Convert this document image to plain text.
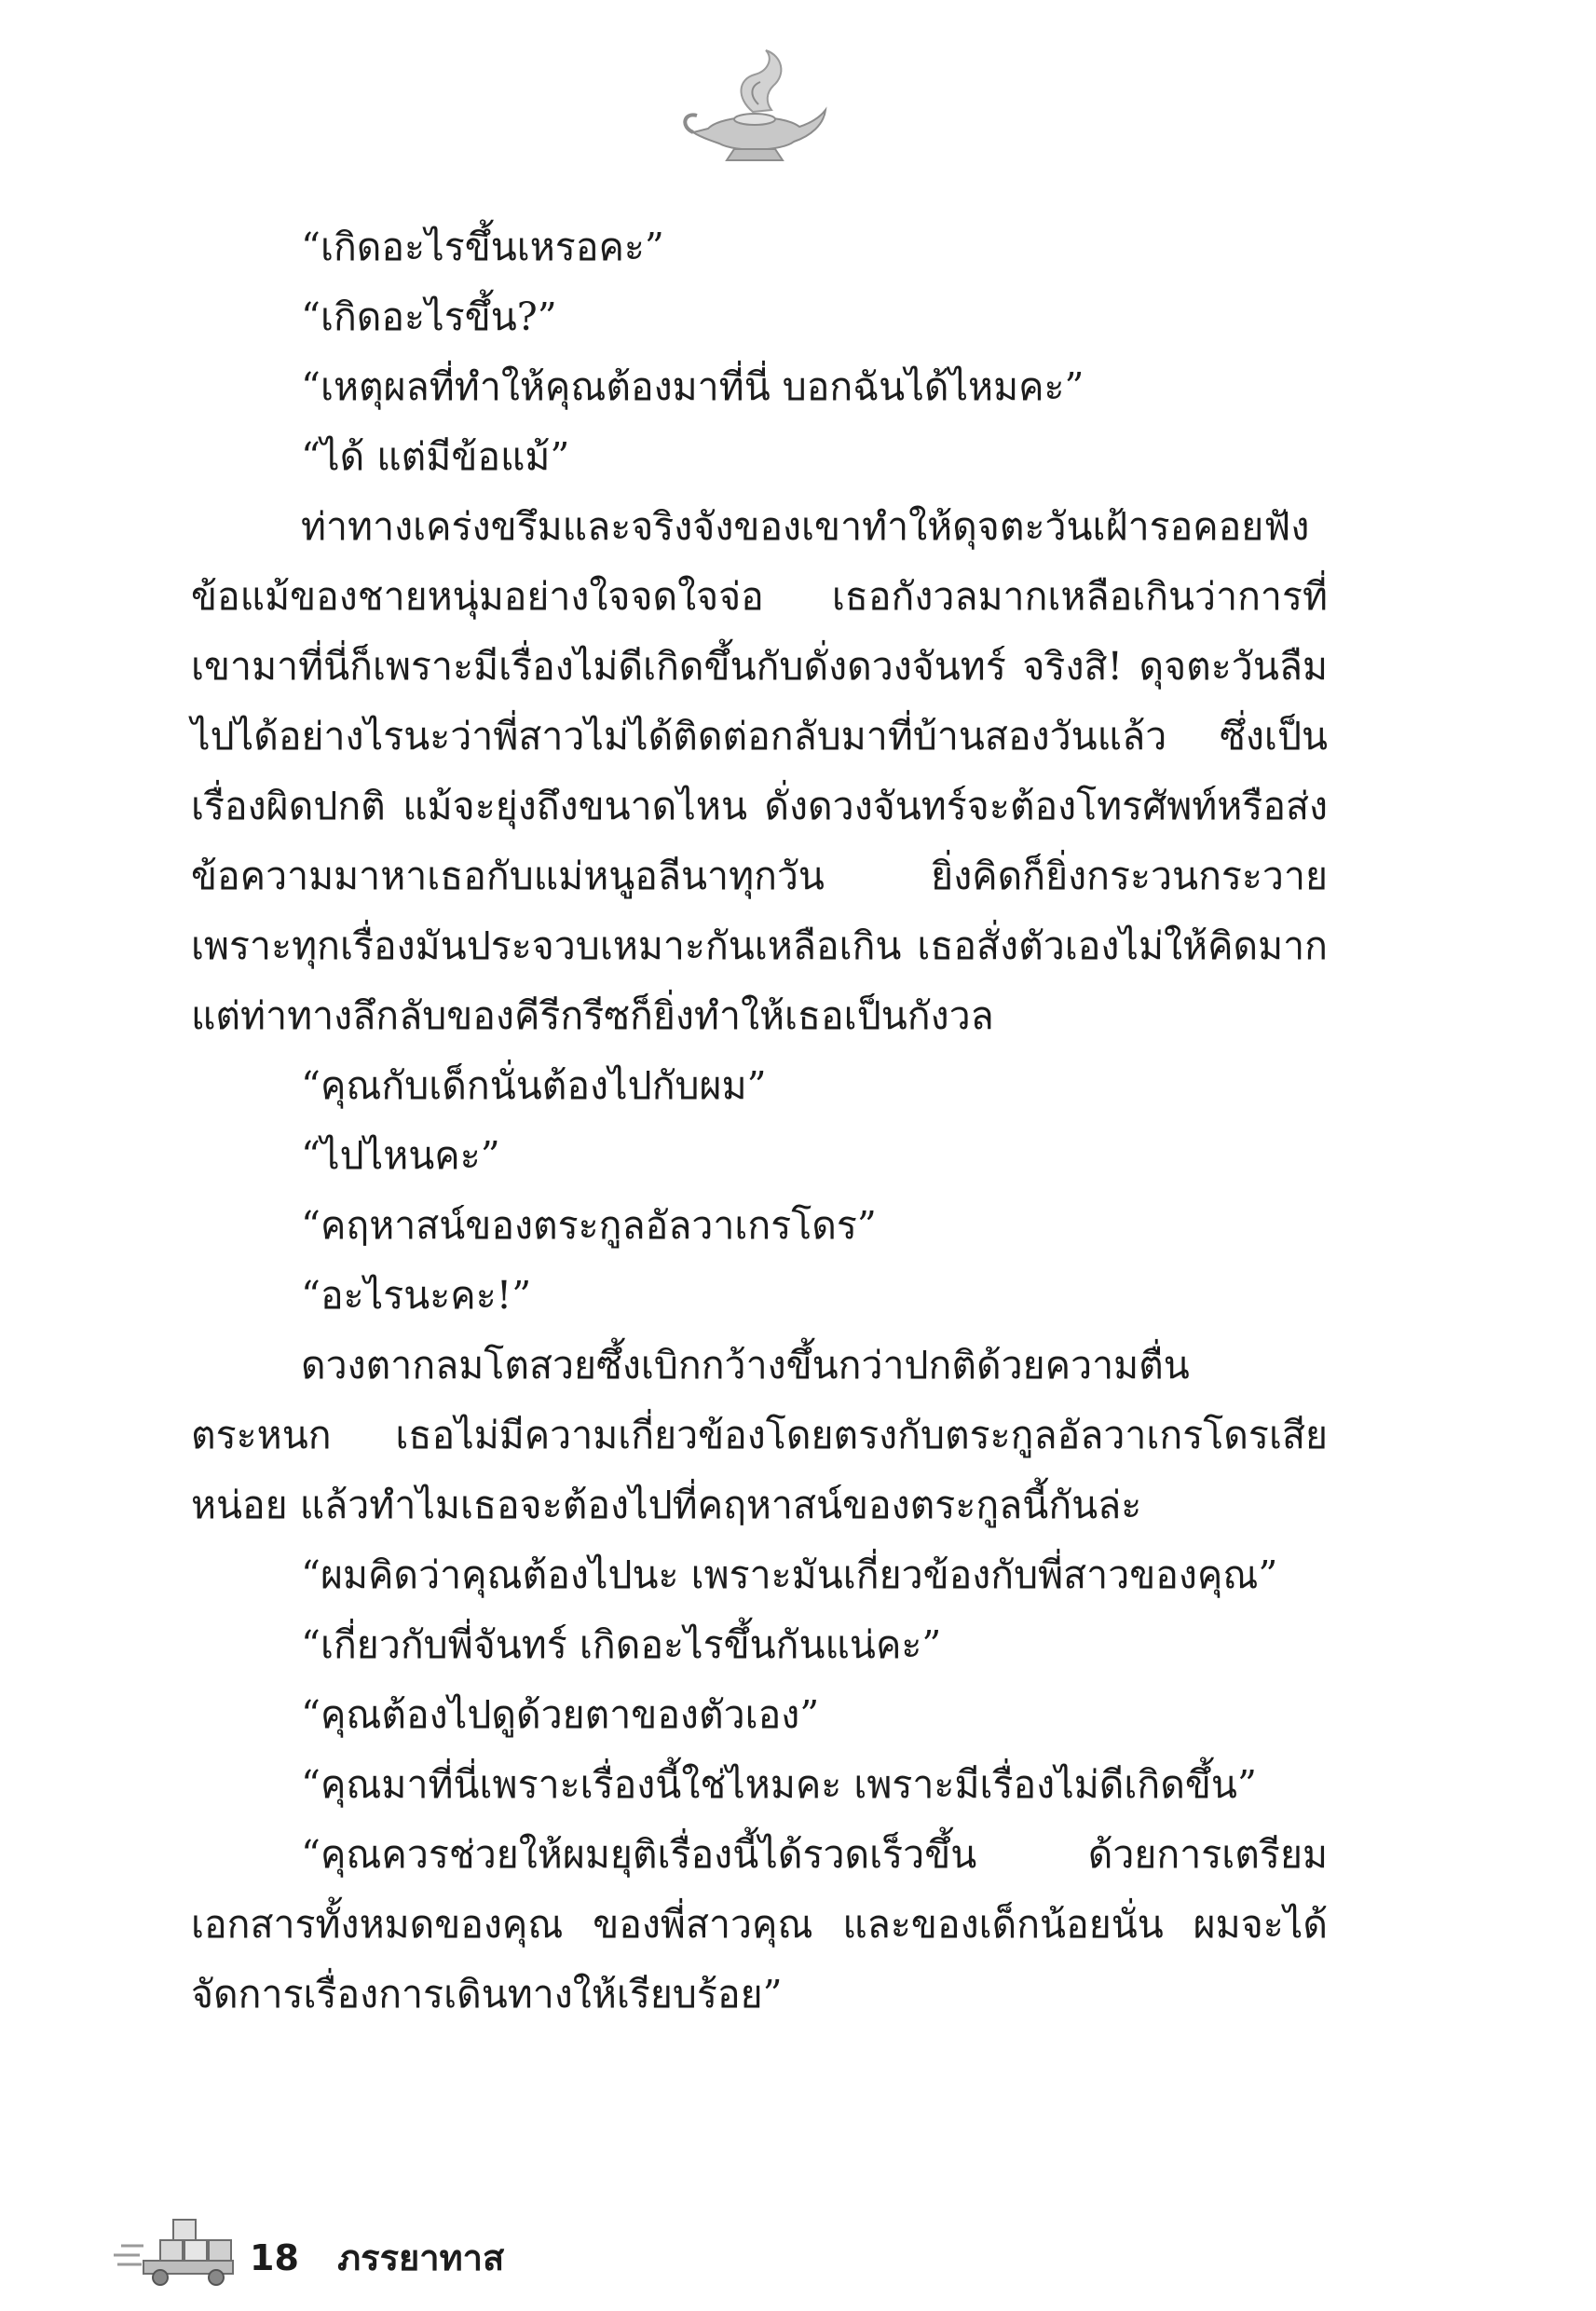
“เกิดอะไรขึ้นเหรอคะ”

“เกิดอะไรขึ้น?”

“เหตุผลที่ทำให้คุณต้องมาที่นี่ บอกฉันได้ไหมคะ”

“ได้ แต่มีข้อแม้”

ท่าทางเคร่งขรึมและจริงจังของเขาทำให้ดุจตะวันเฝ้ารอคอยฟังข้อแม้ของชายหนุ่มอย่างใจจดใจจ่อ เธอกังวลมากเหลือเกินว่าการที่เขามาที่นี่ก็เพราะมีเรื่องไม่ดีเกิดขึ้นกับดั่งดวงจันทร์ จริงสิ! ดุจตะวันลืมไปได้อย่างไรนะว่าพี่สาวไม่ได้ติดต่อกลับมาที่บ้านสองวันแล้ว ซึ่งเป็นเรื่องผิดปกติ แม้จะยุ่งถึงขนาดไหน ดั่งดวงจันทร์จะต้องโทรศัพท์หรือส่งข้อความมาหาเธอกับแม่หนูอลีนาทุกวัน ยิ่งคิดก็ยิ่งกระวนกระวายเพราะทุกเรื่องมันประจวบเหมาะกันเหลือเกิน เธอสั่งตัวเองไม่ให้คิดมากแต่ท่าทางลึกลับของคีรีกรีซก็ยิ่งทำให้เธอเป็นกังวล

“คุณกับเด็กนั่นต้องไปกับผม”

“ไปไหนคะ”

“คฤหาสน์ของตระกูลอัลวาเกรโดร”

“อะไรนะคะ!”

ดวงตากลมโตสวยซึ้งเบิกกว้างขึ้นกว่าปกติด้วยความตื่นตระหนก เธอไม่มีความเกี่ยวข้องโดยตรงกับตระกูลอัลวาเกรโดรเสียหน่อย แล้วทำไมเธอจะต้องไปที่คฤหาสน์ของตระกูลนี้กันล่ะ

“ผมคิดว่าคุณต้องไปนะ เพราะมันเกี่ยวข้องกับพี่สาวของคุณ”

“เกี่ยวกับพี่จันทร์ เกิดอะไรขึ้นกันแน่คะ”

“คุณต้องไปดูด้วยตาของตัวเอง”

“คุณมาที่นี่เพราะเรื่องนี้ใช่ไหมคะ เพราะมีเรื่องไม่ดีเกิดขึ้น”

“คุณควรช่วยให้ผมยุติเรื่องนี้ได้รวดเร็วขึ้น ด้วยการเตรียมเอกสารทั้งหมดของคุณ ของพี่สาวคุณ และของเด็กน้อยนั่น ผมจะได้จัดการเรื่องการเดินทางให้เรียบร้อย”

18 ภรรยาทาส
